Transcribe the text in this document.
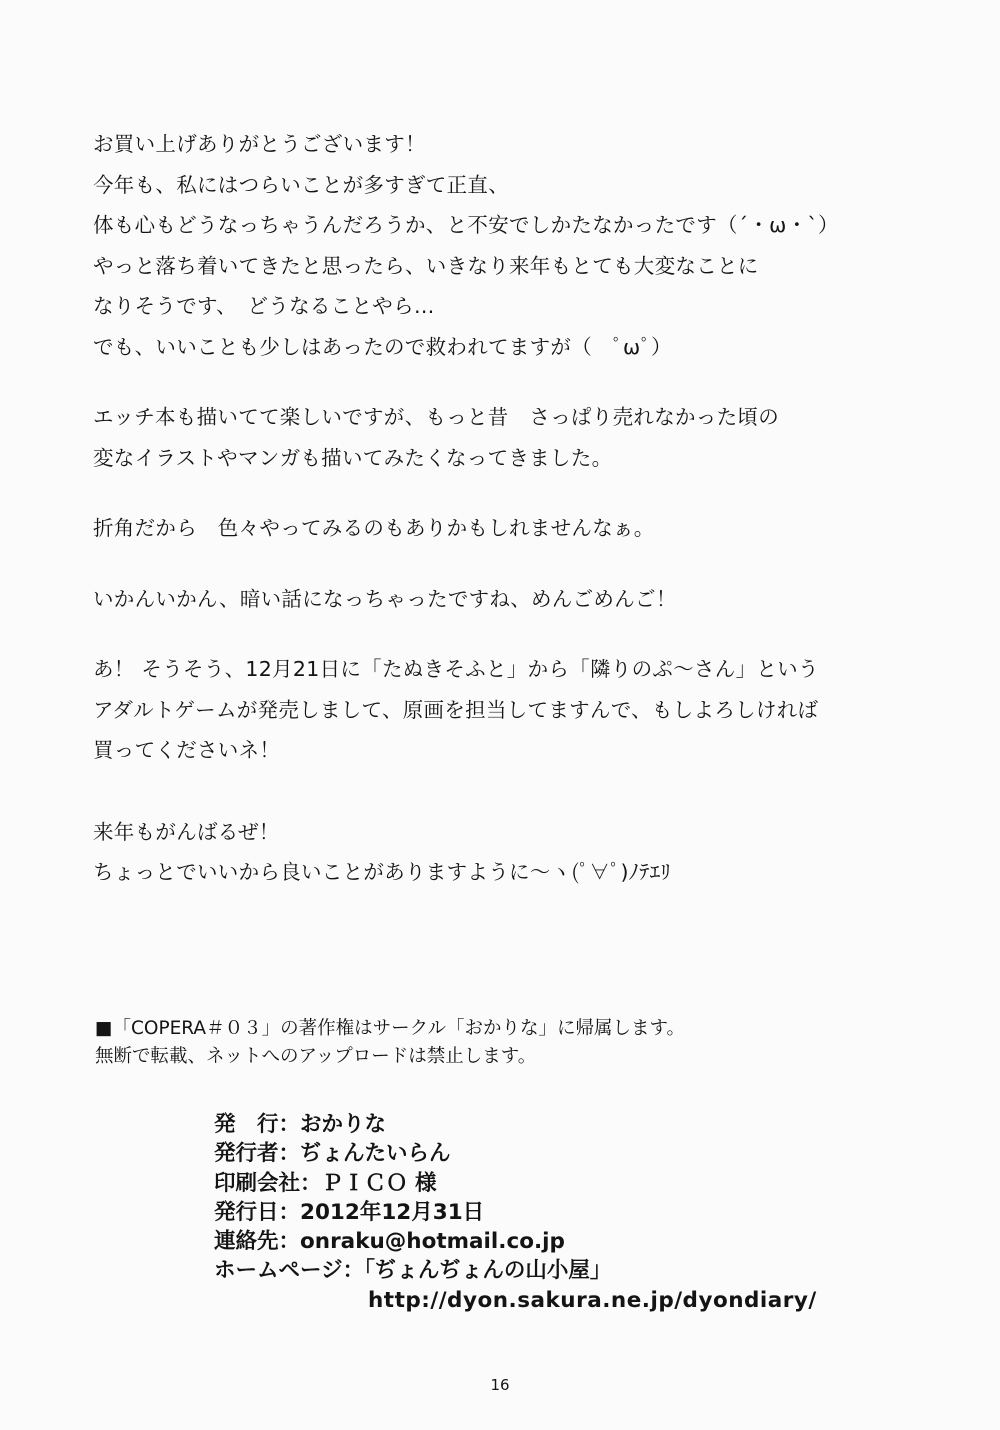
お買い上げありがとうございます！

今年も、私にはつらいことが多すぎて正直、

体も心もどうなっちゃうんだろうか、と不安でしかたなかったです（´・ω・`）

やっと落ち着いてきたと思ったら、いきなり来年もとても大変なことに

なりそうです、　どうなることやら…

でも、いいことも少しはあったので救われてますが（　ﾟωﾟ）

エッチ本も描いてて楽しいですが、もっと昔　さっぱり売れなかった頃の

変なイラストやマンガも描いてみたくなってきました。

折角だから　色々やってみるのもありかもしれませんなぁ。

いかんいかん、暗い話になっちゃったですね、めんごめんご！

あ！ そうそう、12月21日に「たぬきそふと」から「隣りのぷ～さん」という

アダルトゲームが発売しまして、原画を担当してますんで、もしよろしければ

買ってくださいネ！

来年もがんばるぜ！

ちょっとでいいから良いことがありますように～ヽ(ﾟ∀ﾟ)ﾉﾃｴﾘ

■「COPERA＃０３」の著作権はサークル「おかりな」に帰属します。

無断で転載、ネットへのアップロードは禁止します。

発　行：おかりな

発行者：ぢょんたいらん

印刷会社：ＰＩＣＯ 様

発行日：2012年12月31日

連絡先：onraku@hotmail.co.jp

ホームページ：「ぢょんぢょんの山小屋」

http://dyon.sakura.ne.jp/dyondiary/

16
